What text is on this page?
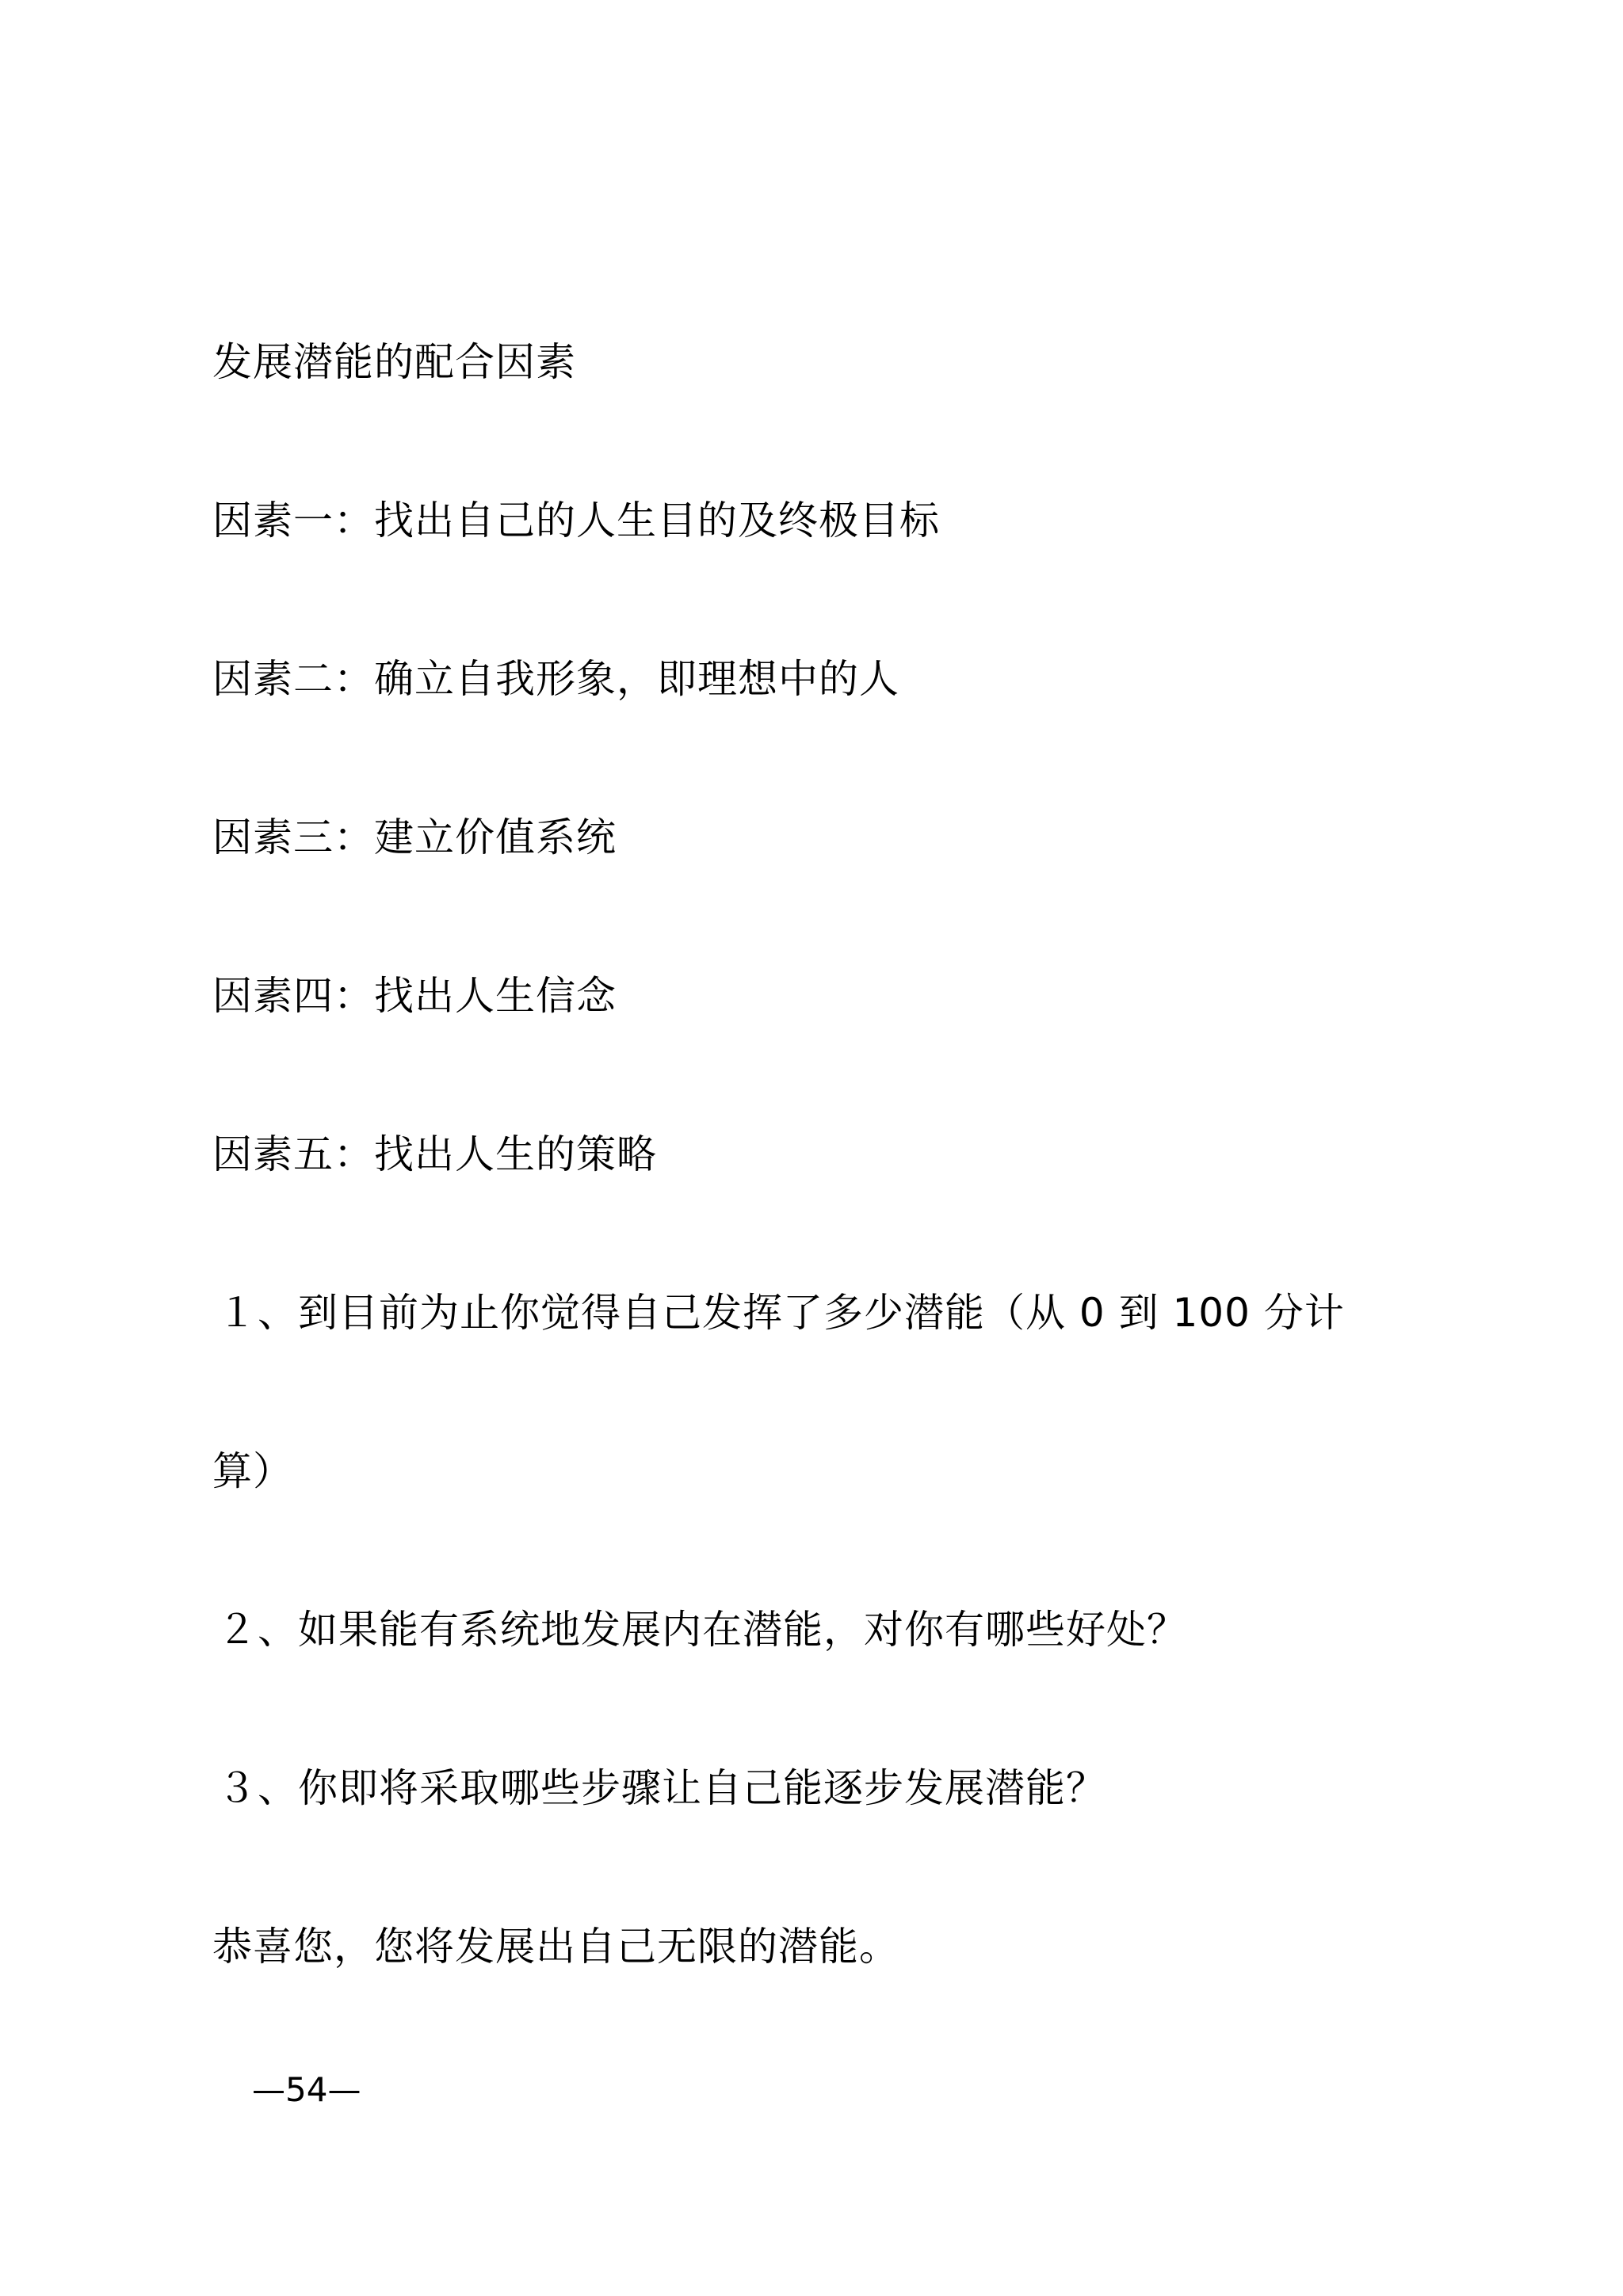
发展潜能的配合因素
因素一：找出自己的人生目的及终极目标
因素二：确立自我形象，即理想中的人
因素三：建立价值系统
因素四：找出人生信念
因素五：找出人生的策略
１、到目前为止你觉得自己发挥了多少潜能（从 0 到 100 分计
算）
２、如果能有系统地发展内在潜能，对你有哪些好处？
３、你即将采取哪些步骤让自己能逐步发展潜能？
恭喜您，您将发展出自己无限的潜能。
—54—
